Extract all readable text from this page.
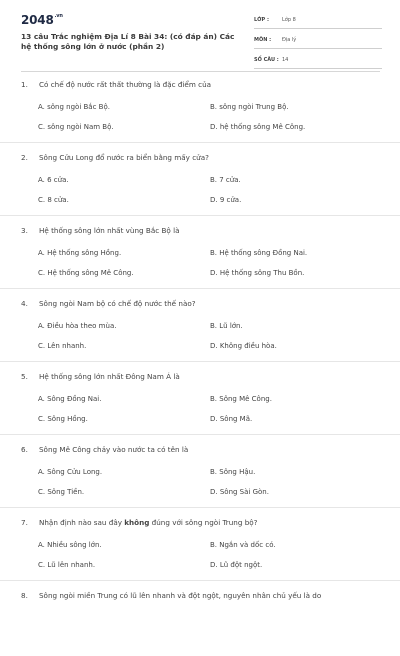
$2048^{.vn}$
13 câu Trắc nghiệm Địa Lí 8 Bài 34: (có đáp án) Các hệ thống sông lớn ở nước (phần 2)
LỚP :	Lớp 8
MÔN : Địa lý
SỐ CÂU : 14
1. Có chế độ nước rất thất thường là đặc điểm của
A. sông ngòi Bắc Bộ.	B. sông ngòi Trung Bộ.
C. sông ngòi Nam Bộ.	D. hệ thống sông Mê Công.
2. Sông Cửu Long đổ nước ra biển bằng mấy cửa?
A. 6 cửa.	B. 7 cửa.
C. 8 cửa.	D. 9 cửa.
3. Hệ thống sông lớn nhất vùng Bắc Bộ là
A. Hệ thống sông Hồng.	B. Hệ thống sông Đồng Nai.
C. Hệ thống sông Mê Công.	D. Hệ thống sông Thu Bồn.
4. Sông ngòi Nam bộ có chế độ nước thế nào?
A. Điều hòa theo mùa.	B. Lũ lớn.
C. Lên nhanh.	D. Không điều hòa.
5. Hệ thống sông lớn nhất Đông Nam Á là
A. Sông Đồng Nai.	B. Sông Mê Công.
C. Sông Hồng.	D. Sông Mã.
6. Sông Mê Công chảy vào nước ta có tên là
A. Sông Cửu Long.	B. Sông Hậu.
C. Sông Tiền.	D. Sông Sài Gòn.
7. Nhận định nào sau đây không đúng với sông ngòi Trung bộ?
A. Nhiều sông lớn.	B. Ngắn và dốc có.
C. Lũ lên nhanh.	D. Lũ đột ngột.
8. Sông ngòi miền Trung có lũ lên nhanh và đột ngột, nguyên nhân chủ yếu là do
